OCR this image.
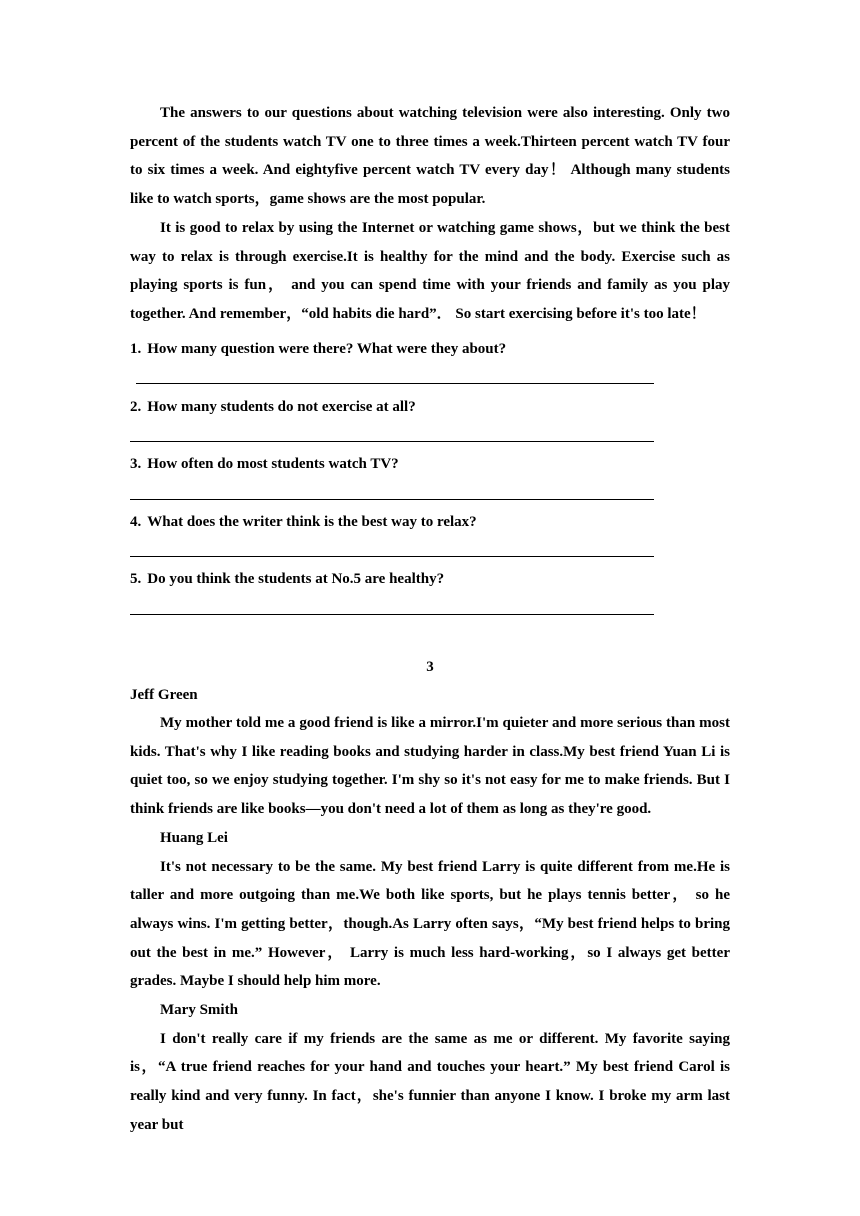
The answers to our questions about watching television were also interesting. Only two percent of the students watch TV one to three times a week.Thirteen percent watch TV four to six times a week. And eightyfive percent watch TV every day！ Although many students like to watch sports，game shows are the most popular.

It is good to relax by using the Internet or watching game shows，but we think the best way to relax is through exercise.It is healthy for the mind and the body. Exercise such as playing sports is fun， and you can spend time with your friends and family as you play together. And remember，“old habits die hard”． So start exercising before it's too late！

1. How many question were there? What were they about?

2. How many students do not exercise at all?

3. How often do most students watch TV?

4. What does the writer think is the best way to relax?

5. Do you think the students at No.5 are healthy?

3
Jeff Green

My mother told me a good friend is like a mirror.I'm quieter and more serious than most kids. That's why I like reading books and studying harder in class.My best friend Yuan Li is quiet too, so we enjoy studying together. I'm shy so it's not easy for me to make friends. But I think friends are like books—you don't need a lot of them as long as they're good.

Huang Lei

It's not necessary to be the same. My best friend Larry is quite different from me.He is taller and more outgoing than me.We both like sports, but he plays tennis better， so he always wins. I'm getting better，though.As Larry often says，“My best friend helps to bring out the best in me.” However， Larry is much less hard-working，so I always get better grades. Maybe I should help him more.

Mary Smith

I don't really care if my friends are the same as me or different. My favorite saying is，“A true friend reaches for your hand and touches your heart.” My best friend Carol is really kind and very funny. In fact，she's funnier than anyone I know. I broke my arm last year but
